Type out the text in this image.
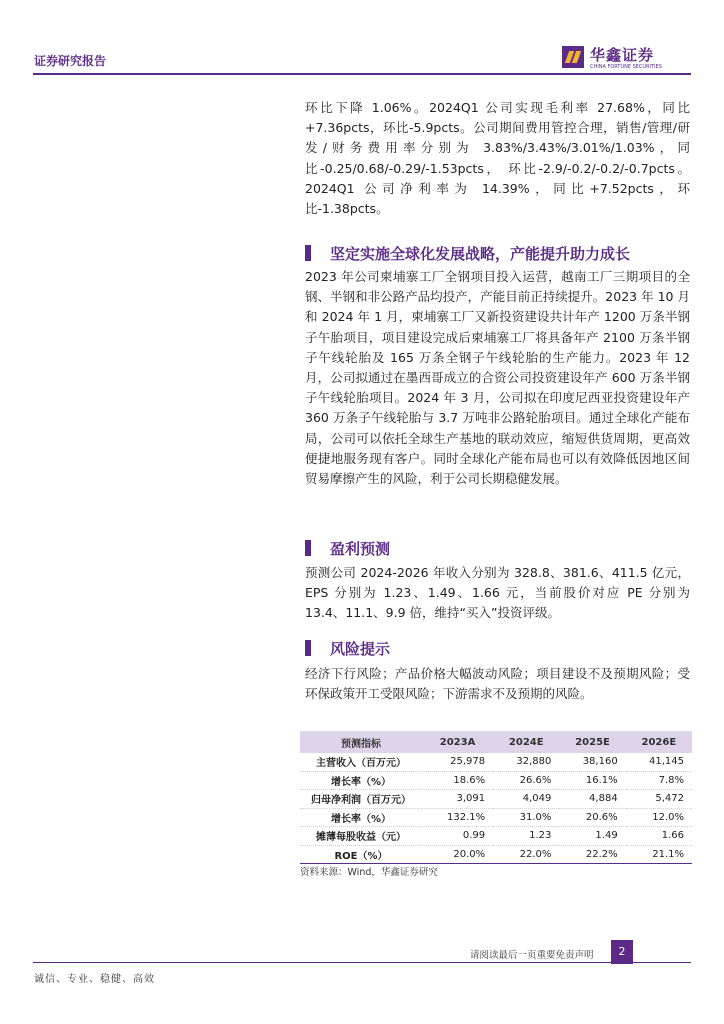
证券研究报告	华鑫证券
CHINA FORTUNE SECURITIES
环比下降 1.06%。2024Q1 公司实现毛利率 27.68%，同比+7.36pcts，环比-5.9pcts。公司期间费用管控合理，销售/管理/研发/财务费用率分别为 3.83%/3.43%/3.01%/1.03%，同比-0.25/0.68/-0.29/-1.53pcts， 环比-2.9/-0.2/-0.2/-0.7pcts。2024Q1 公司净利率为 14.39%，同比+7.52pcts，环比-1.38pcts。
坚定实施全球化发展战略，产能提升助力成长
2023 年公司柬埔寨工厂全钢项目投入运营，越南工厂三期项目的全钢、半钢和非公路产品均投产，产能目前正持续提升。2023 年 10 月和 2024 年 1 月，柬埔寨工厂又新投资建设共计年产 1200 万条半钢子午胎项目，项目建设完成后柬埔寨工厂将具备年产 2100 万条半钢子午线轮胎及 165 万条全钢子午线轮胎的生产能力。2023 年 12 月，公司拟通过在墨西哥成立的合资公司投资建设年产 600 万条半钢子午线轮胎项目。2024 年 3 月，公司拟在印度尼西亚投资建设年产 360 万条子午线轮胎与 3.7 万吨非公路轮胎项目。通过全球化产能布局，公司可以依托全球生产基地的联动效应，缩短供货周期，更高效便捷地服务现有客户。同时全球化产能布局也可以有效降低因地区间贸易摩擦产生的风险，利于公司长期稳健发展。
盈利预测
预测公司 2024-2026 年收入分别为 328.8、381.6、411.5 亿元，EPS 分别为 1.23、1.49、1.66 元，当前股价对应 PE 分别为 13.4、11.1、9.9 倍，维持“买入”投资评级。
风险提示
经济下行风险；产品价格大幅波动风险；项目建设不及预期风险；受环保政策开工受限风险；下游需求不及预期的风险。
预测指标	2023A	2024E	2025E	2026E
主营收入（百万元）	25,978	32,880	38,160	41,145
增长率（%）	18.6%	26.6%	16.1%	7.8%
归母净利润（百万元）	3,091	4,049	4,884	5,472
增长率（%）	132.1%	31.0%	20.6%	12.0%
摊薄每股收益（元）	0.99	1.23	1.49	1.66
ROE（%）	20.0%	22.0%	22.2%	21.1%
资料来源：Wind，华鑫证券研究
请阅读最后一页重要免责声明	2
诚信、专业、稳健、高效
